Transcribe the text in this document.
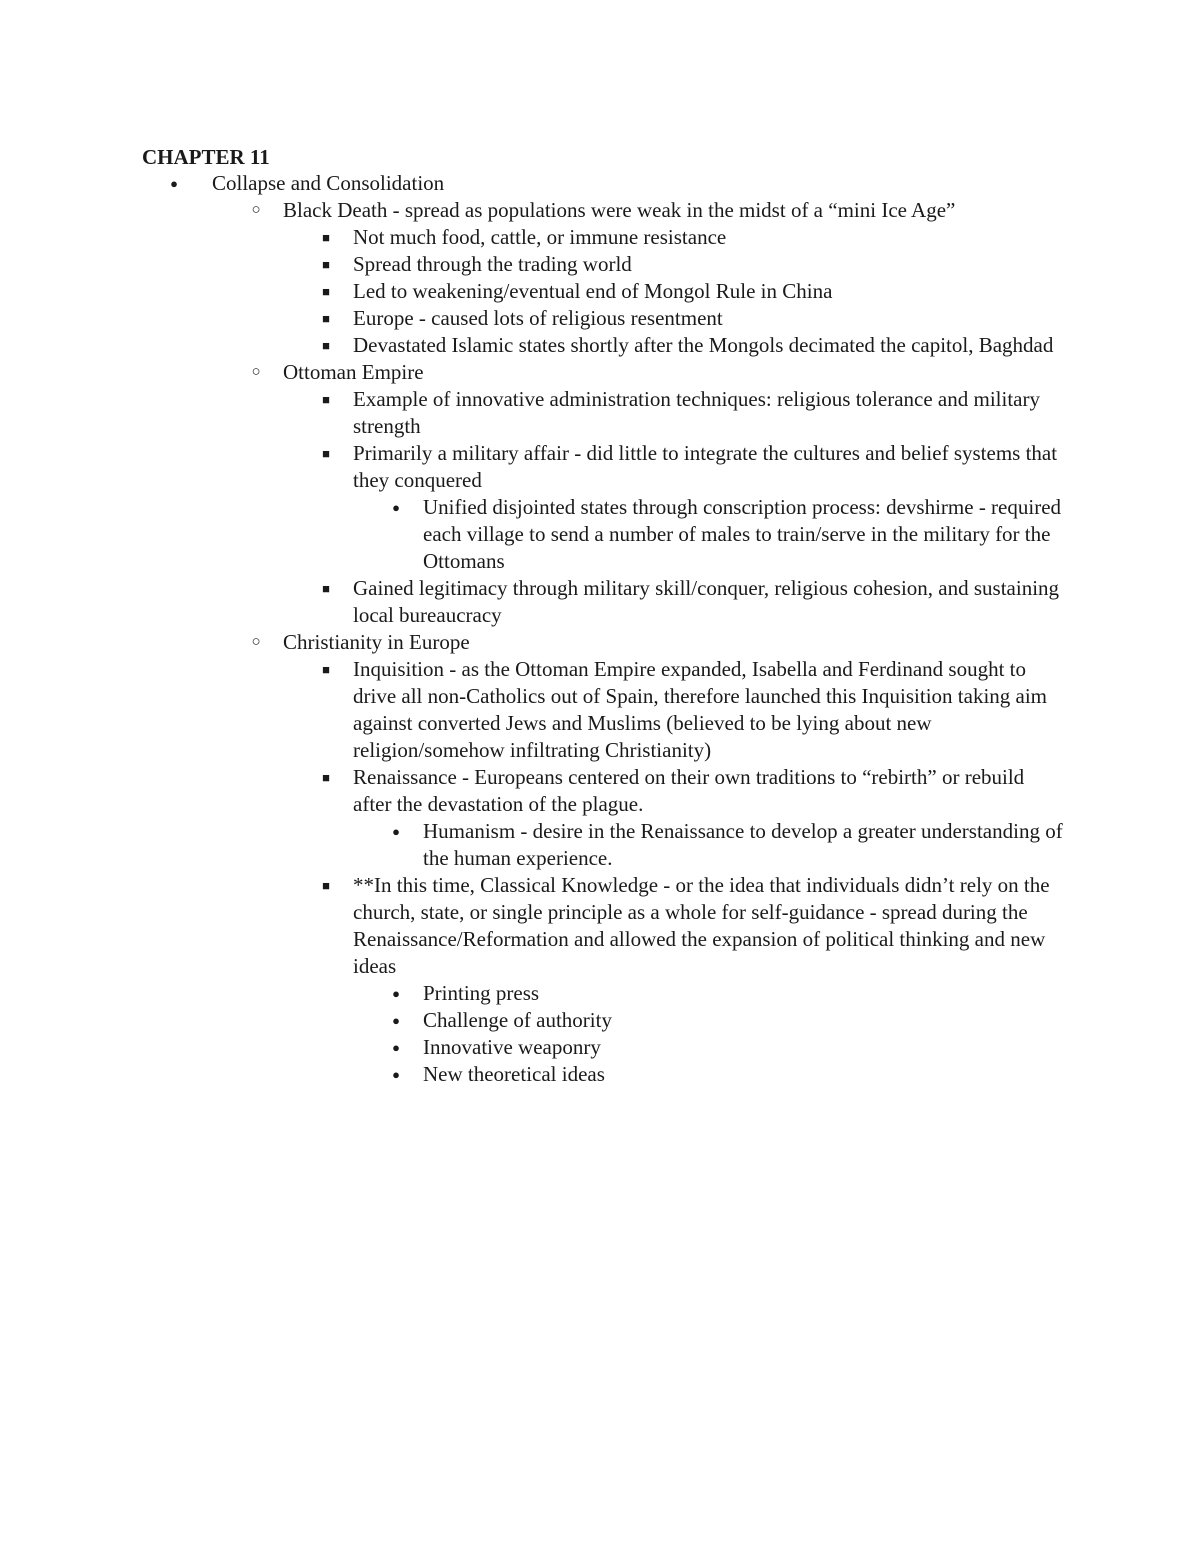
CHAPTER 11
● Collapse and Consolidation
○ Black Death - spread as populations were weak in the midst of a “mini Ice Age”
■ Not much food, cattle, or immune resistance
■ Spread through the trading world
■ Led to weakening/eventual end of Mongol Rule in China
■ Europe - caused lots of religious resentment
■ Devastated Islamic states shortly after the Mongols decimated the capitol, Baghdad
○ Ottoman Empire
■ Example of innovative administration techniques: religious tolerance and military strength
■ Primarily a military affair - did little to integrate the cultures and belief systems that they conquered
● Unified disjointed states through conscription process: devshirme - required each village to send a number of males to train/serve in the military for the Ottomans
■ Gained legitimacy through military skill/conquer, religious cohesion, and sustaining local bureaucracy
○ Christianity in Europe
■ Inquisition - as the Ottoman Empire expanded, Isabella and Ferdinand sought to drive all non-Catholics out of Spain, therefore launched this Inquisition taking aim against converted Jews and Muslims (believed to be lying about new religion/somehow infiltrating Christianity)
■ Renaissance - Europeans centered on their own traditions to “rebirth” or rebuild after the devastation of the plague.
● Humanism - desire in the Renaissance to develop a greater understanding of the human experience.
■ **In this time, Classical Knowledge - or the idea that individuals didn’t rely on the church, state, or single principle as a whole for self-guidance - spread during the Renaissance/Reformation and allowed the expansion of political thinking and new ideas
● Printing press
● Challenge of authority
● Innovative weaponry
● New theoretical ideas
